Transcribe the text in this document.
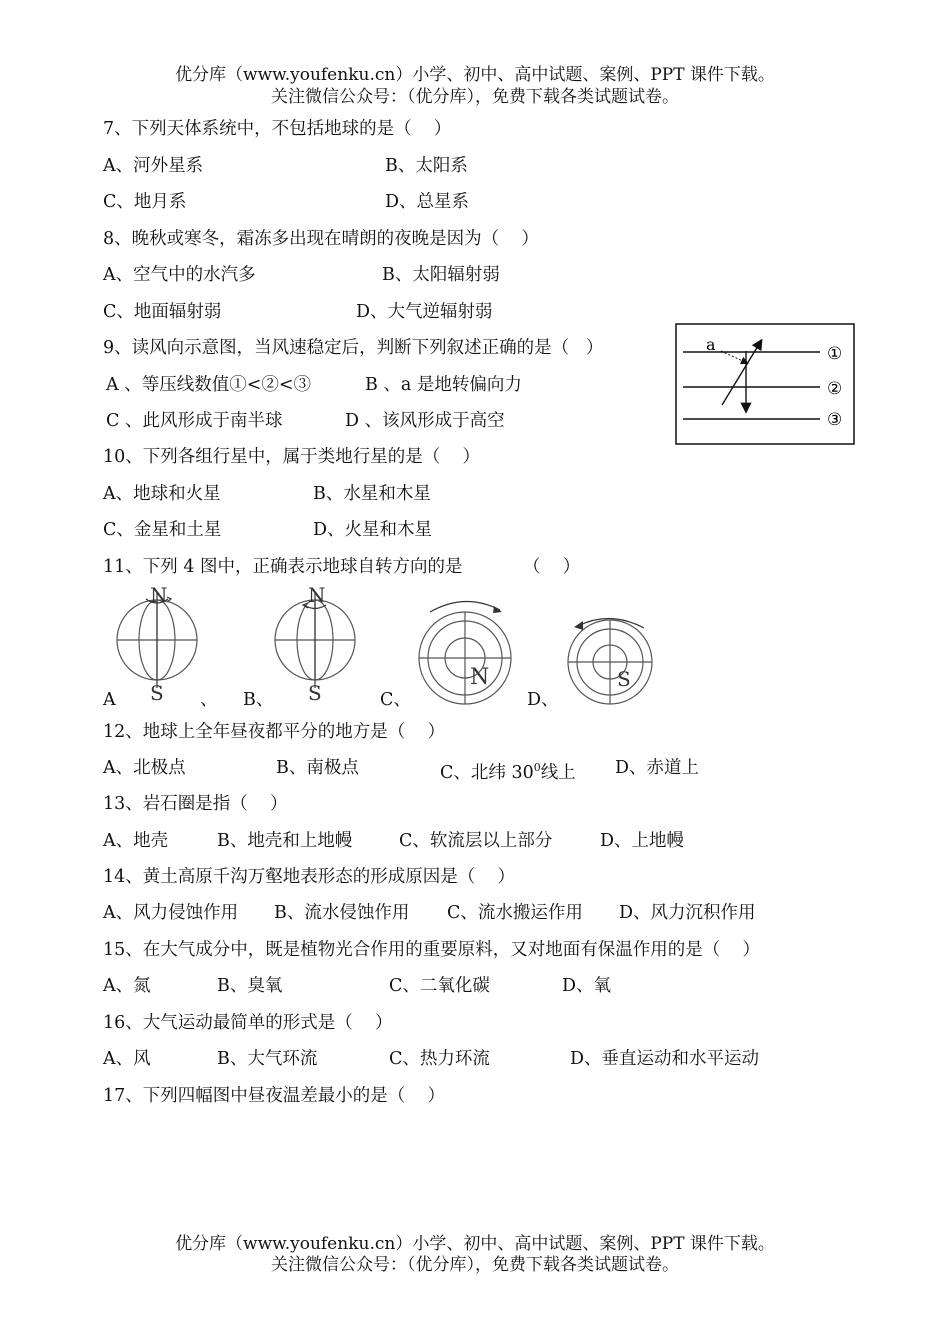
优分库（www.youfenku.cn）小学、初中、高中试题、案例、PPT 课件下载。
关注微信公众号：（优分库），免费下载各类试题试卷。
7、下列天体系统中，不包括地球的是（    ）
A、河外星系	B、太阳系
C、地月系	D、总星系
8、晚秋或寒冬，霜冻多出现在晴朗的夜晚是因为（    ）
A、空气中的水汽多	B、太阳辐射弱
C、地面辐射弱	D、大气逆辐射弱
9、读风向示意图，当风速稳定后，判断下列叙述正确的是（   ）
A 、等压线数值①<②<③	B 、a 是地转偏向力
C 、此风形成于南半球	D 、该风形成于高空
a	①
②
③
10、下列各组行星中，属于类地行星的是（    ）
A、地球和火星	B、水星和木星
C、金星和土星	D、火星和木星
11、下列 4 图中，正确表示地球自转方向的是	（    ）
N
S
N
S
N	S
A	、 B、	C、	D、
12、地球上全年昼夜都平分的地方是（    ）
A、北极点	B、南极点	C、北纬 $30^0$线上 D、赤道上
13、岩石圈是指（    ）
A、地壳	B、地壳和上地幔	C、软流层以上部分	D、上地幔
14、黄土高原千沟万壑地表形态的形成原因是（    ）
A、风力侵蚀作用 B、流水侵蚀作用 C、流水搬运作用 D、风力沉积作用
15、在大气成分中，既是植物光合作用的重要原料，又对地面有保温作用的是（    ）
A、氮	B、臭氧	C、二氧化碳	D、氧
16、大气运动最简单的形式是（    ）
A、风	B、大气环流	C、热力环流	D、垂直运动和水平运动
17、下列四幅图中昼夜温差最小的是（    ）
优分库（www.youfenku.cn）小学、初中、高中试题、案例、PPT 课件下载。
关注微信公众号：（优分库），免费下载各类试题试卷。
